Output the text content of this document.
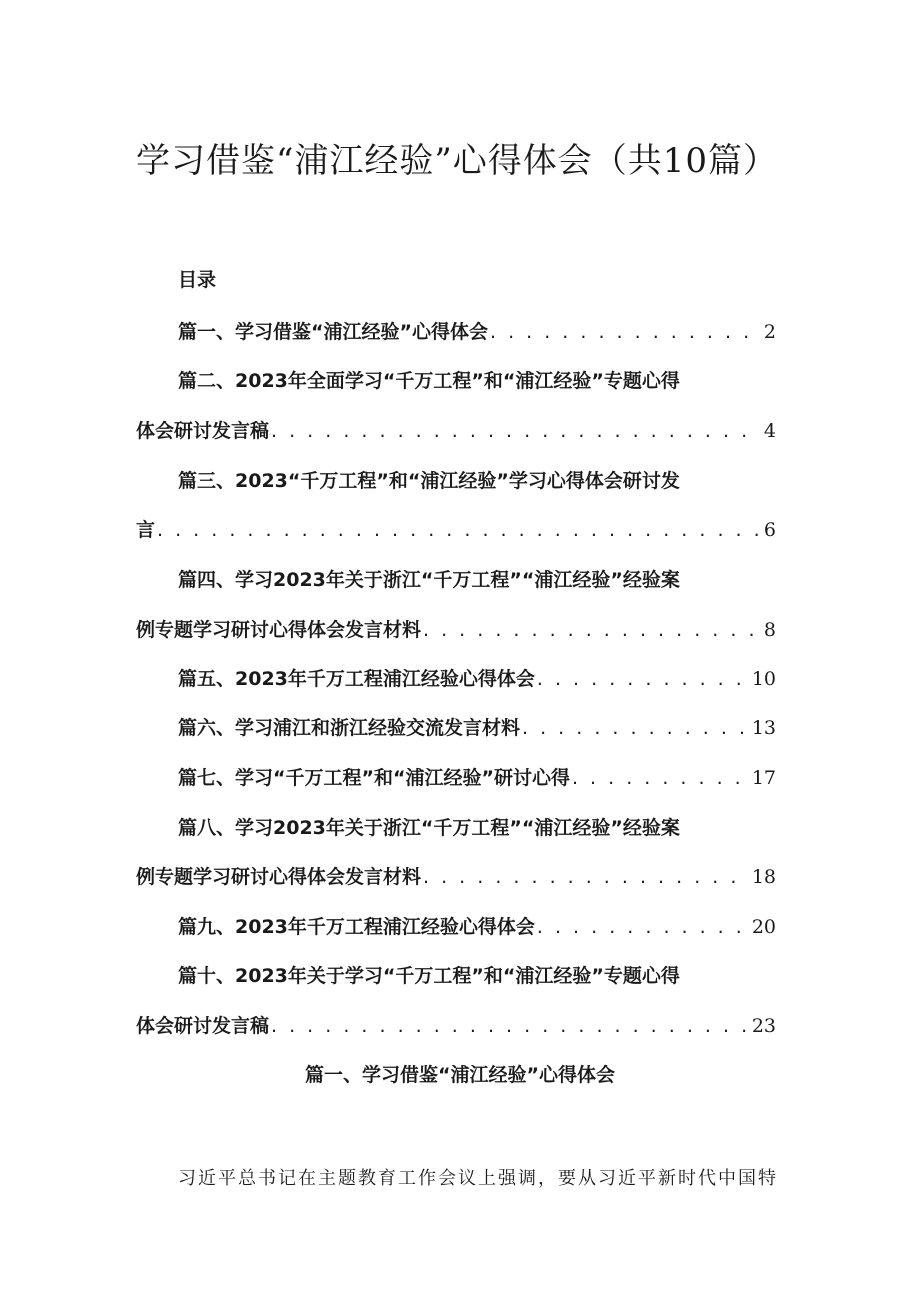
学习借鉴“浦江经验”心得体会（共10篇）
目录
篇一、学习借鉴“浦江经验”心得体会 . . .	2
篇二、2023年全面学习“千万工程”和“浦江经验”专题心得
体会研讨发言稿 . . .	4
篇三、2023“千万工程”和“浦江经验”学习心得体会研讨发
言 . . .	6
篇四、学习2023年关于浙江“千万工程”“浦江经验”经验案
例专题学习研讨心得体会发言材料 . . .	8
篇五、2023年千万工程浦江经验心得体会 . . .	10
篇六、学习浦江和浙江经验交流发言材料 . . .	13
篇七、学习“千万工程”和“浦江经验”研讨心得 . . .	17
篇八、学习2023年关于浙江“千万工程”“浦江经验”经验案
例专题学习研讨心得体会发言材料 . . .	18
篇九、2023年千万工程浦江经验心得体会 . . .	20
篇十、2023年关于学习“千万工程”和“浦江经验”专题心得
体会研讨发言稿 . . .	23
篇一、学习借鉴“浦江经验”心得体会
习近平总书记在主题教育工作会议上强调，要从习近平新时代中国特
